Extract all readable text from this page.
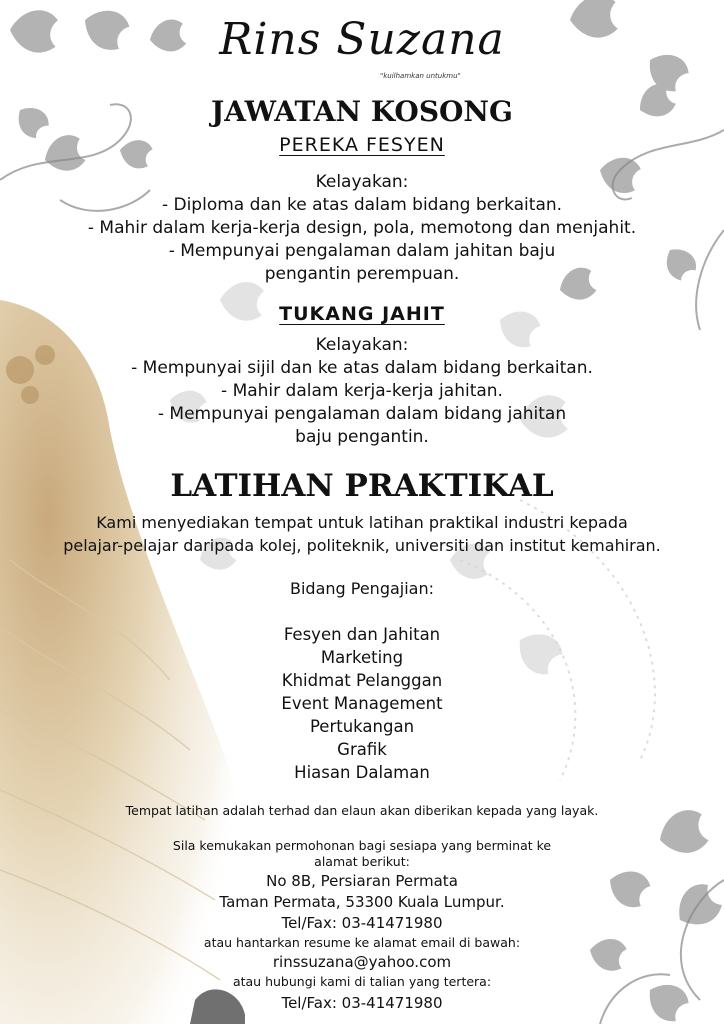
Rins Suzana
"kuilhamkan untukmu"
JAWATAN KOSONG
PEREKA FESYEN
Kelayakan:
- Diploma dan ke atas dalam bidang berkaitan.
- Mahir dalam kerja-kerja design, pola, memotong dan menjahit.
- Mempunyai pengalaman dalam jahitan baju
pengantin perempuan.
TUKANG JAHIT
Kelayakan:
- Mempunyai sijil dan ke atas dalam bidang berkaitan.
- Mahir dalam kerja-kerja jahitan.
- Mempunyai pengalaman dalam bidang jahitan
baju pengantin.
LATIHAN PRAKTIKAL
Kami menyediakan tempat untuk latihan praktikal industri kepada
pelajar-pelajar daripada kolej, politeknik, universiti dan institut kemahiran.
Bidang Pengajian:
Fesyen dan Jahitan
Marketing
Khidmat Pelanggan
Event Management
Pertukangan
Grafik
Hiasan Dalaman
Tempat latihan adalah terhad dan elaun akan diberikan kepada yang layak.
Sila kemukakan permohonan bagi sesiapa yang berminat ke
alamat berikut:
No 8B, Persiaran Permata
Taman Permata, 53300 Kuala Lumpur.
Tel/Fax: 03-41471980
atau hantarkan resume ke alamat email di bawah:
rinssuzana@yahoo.com
atau hubungi kami di talian yang tertera:
Tel/Fax: 03-41471980
